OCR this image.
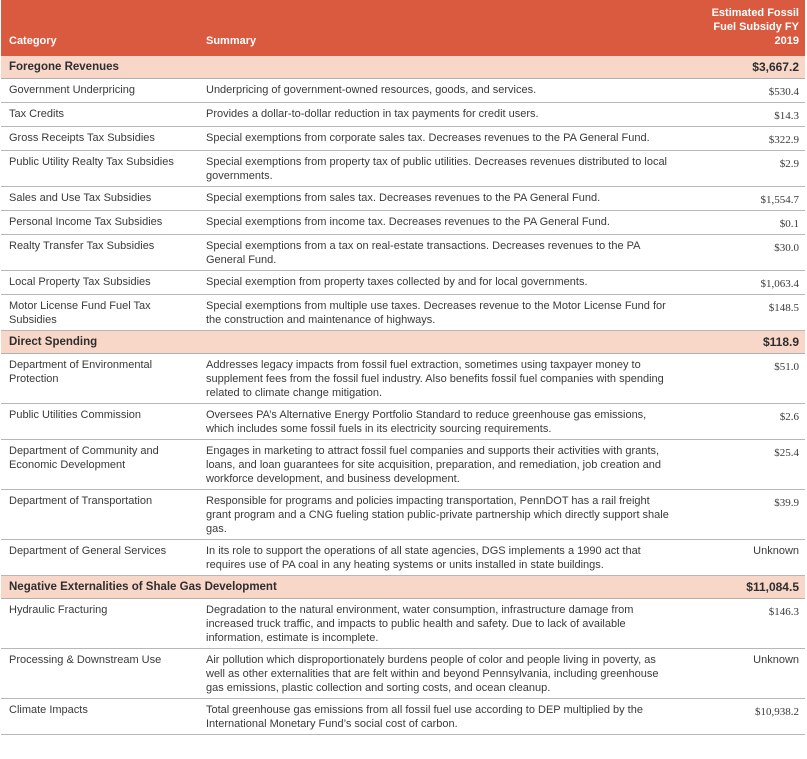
Category	Summary	Estimated Fossil Fuel Subsidy FY 2019
Foregone Revenues		$3,667.2
Government Underpricing	Underpricing of government-owned resources, goods, and services.	$530.4
Tax Credits	Provides a dollar-to-dollar reduction in tax payments for credit users.	$14.3
Gross Receipts Tax Subsidies	Special exemptions from corporate sales tax. Decreases revenues to the PA General Fund.	$322.9
Public Utility Realty Tax Subsidies	Special exemptions from property tax of public utilities. Decreases revenues distributed to local governments.	$2.9
Sales and Use Tax Subsidies	Special exemptions from sales tax. Decreases revenues to the PA General Fund.	$1,554.7
Personal Income Tax Subsidies	Special exemptions from income tax. Decreases revenues to the PA General Fund.	$0.1
Realty Transfer Tax Subsidies	Special exemptions from a tax on real-estate transactions. Decreases revenues to the PA General Fund.	$30.0
Local Property Tax Subsidies	Special exemption from property taxes collected by and for local governments.	$1,063.4
Motor License Fund Fuel Tax Subsidies	Special exemptions from multiple use taxes. Decreases revenue to the Motor License Fund for the construction and maintenance of highways.	$148.5
Direct Spending		$118.9
Department of Environmental Protection	Addresses legacy impacts from fossil fuel extraction, sometimes using taxpayer money to supplement fees from the fossil fuel industry. Also benefits fossil fuel companies with spending related to climate change mitigation.	$51.0
Public Utilities Commission	Oversees PA’s Alternative Energy Portfolio Standard to reduce greenhouse gas emissions, which includes some fossil fuels in its electricity sourcing requirements.	$2.6
Department of Community and Economic Development	Engages in marketing to attract fossil fuel companies and supports their activities with grants, loans, and loan guarantees for site acquisition, preparation, and remediation, job creation and workforce development, and business development.	$25.4
Department of Transportation	Responsible for programs and policies impacting transportation, PennDOT has a rail freight grant program and a CNG fueling station public-private partnership which directly support shale gas.	$39.9
Department of General Services	In its role to support the operations of all state agencies, DGS implements a 1990 act that requires use of PA coal in any heating systems or units installed in state buildings.	Unknown
Negative Externalities of Shale Gas Development		$11,084.5
Hydraulic Fracturing	Degradation to the natural environment, water consumption, infrastructure damage from increased truck traffic, and impacts to public health and safety. Due to lack of available information, estimate is incomplete.	$146.3
Processing & Downstream Use	Air pollution which disproportionately burdens people of color and people living in poverty, as well as other externalities that are felt within and beyond Pennsylvania, including greenhouse gas emissions, plastic collection and sorting costs, and ocean cleanup.	Unknown
Climate Impacts	Total greenhouse gas emissions from all fossil fuel use according to DEP multiplied by the International Monetary Fund’s social cost of carbon.	$10,938.2
